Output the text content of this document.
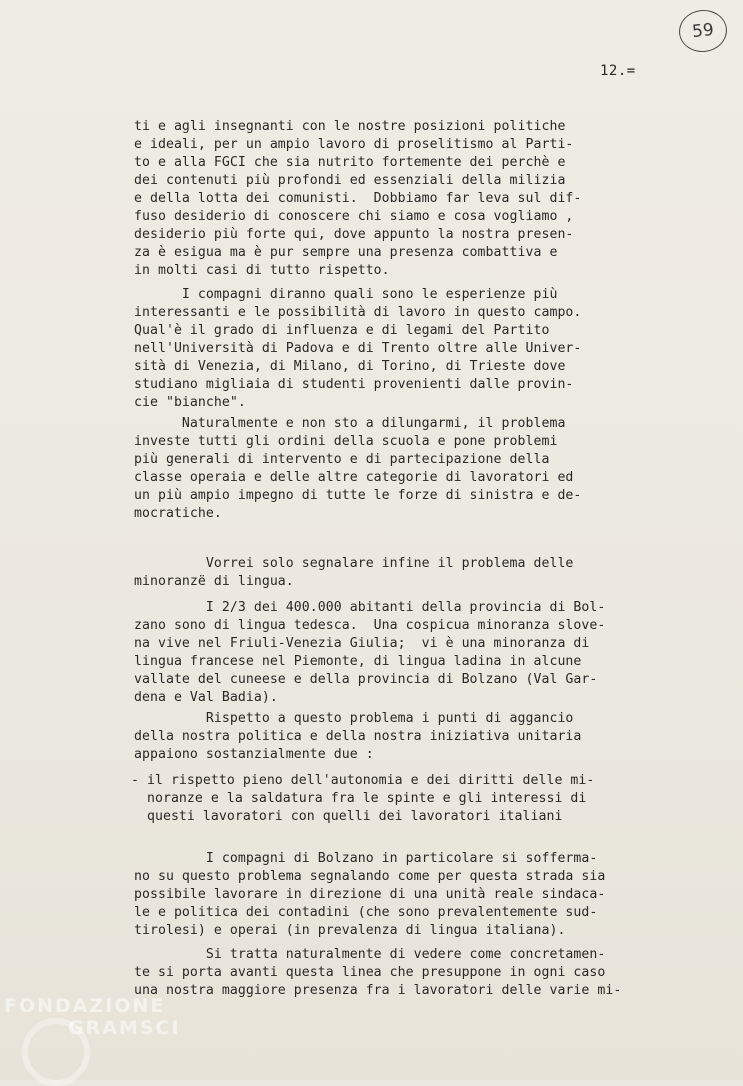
59
12.=
ti e agli insegnanti con le nostre posizioni politiche
e ideali, per un ampio lavoro di proselitismo al Parti-
to e alla FGCI che sia nutrito fortemente dei perchè e
dei contenuti più profondi ed essenziali della milizia
e della lotta dei comunisti.  Dobbiamo far leva sul dif-
fuso desiderio di conoscere chi siamo e cosa vogliamo ,
desiderio più forte qui, dove appunto la nostra presen-
za è esigua ma è pur sempre una presenza combattiva e
in molti casi di tutto rispetto.
I compagni diranno quali sono le esperienze più
interessanti e le possibilità di lavoro in questo campo.
Qual'è il grado di influenza e di legami del Partito
nell'Università di Padova e di Trento oltre alle Univer-
sità di Venezia, di Milano, di Torino, di Trieste dove
studiano migliaia di studenti provenienti dalle provin-
cie "bianche".
Naturalmente e non sto a dilungarmi, il problema
investe tutti gli ordini della scuola e pone problemi
più generali di intervento e di partecipazione della
classe operaia e delle altre categorie di lavoratori ed
un più ampio impegno di tutte le forze di sinistra e de-
mocratiche.
Vorrei solo segnalare infine il problema delle
minoranzë di lingua.
I 2/3 dei 400.000 abitanti della provincia di Bol-
zano sono di lingua tedesca.  Una cospicua minoranza slove-
na vive nel Friuli-Venezia Giulia;  vi è una minoranza di
lingua francese nel Piemonte, di lingua ladina in alcune
vallate del cuneese e della provincia di Bolzano (Val Gar-
dena e Val Badia).
Rispetto a questo problema i punti di aggancio
della nostra politica e della nostra iniziativa unitaria
appaiono sostanzialmente due :
- il rispetto pieno dell'autonomia e dei diritti delle mi-
noranze e la saldatura fra le spinte e gli interessi di
questi lavoratori con quelli dei lavoratori italiani
I compagni di Bolzano in particolare si sofferma-
no su questo problema segnalando come per questa strada sia
possibile lavorare in direzione di una unità reale sindaca-
le e politica dei contadini (che sono prevalentemente sud-
tirolesi) e operai (in prevalenza di lingua italiana).
Si tratta naturalmente di vedere come concretamen-
te si porta avanti questa linea che presuppone in ogni caso
una nostra maggiore presenza fra i lavoratori delle varie mi-
FONDAZIONE
GRAMSCI
